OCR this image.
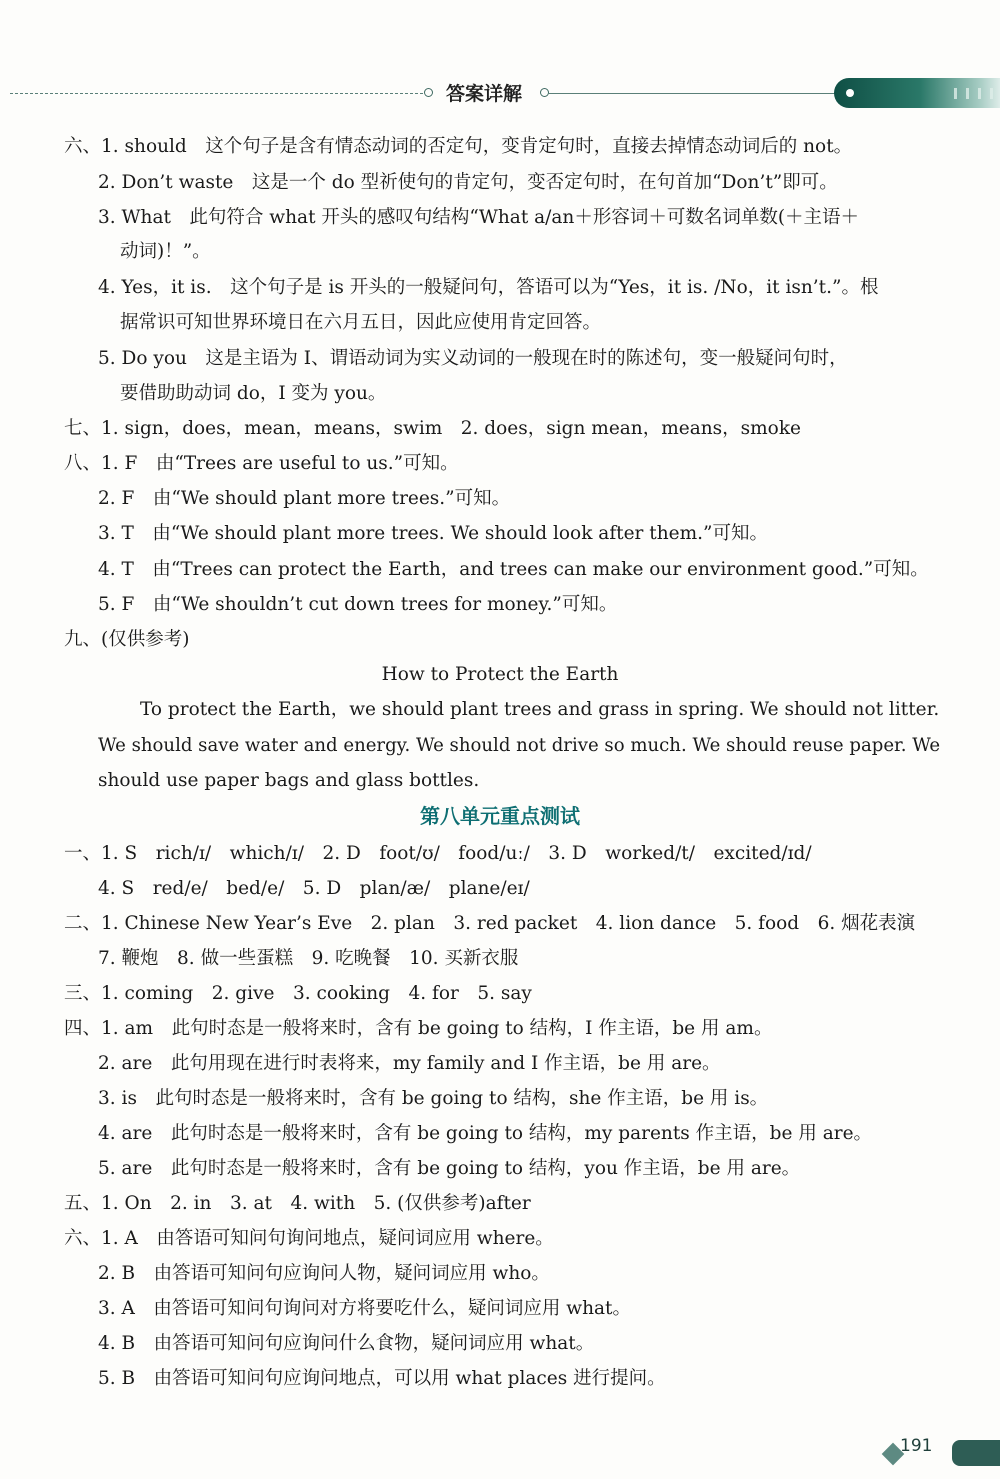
答案详解
六、1. should　这个句子是含有情态动词的否定句，变肯定句时，直接去掉情态动词后的 not。
2. Don’t waste　这是一个 do 型祈使句的肯定句，变否定句时，在句首加“Don’t”即可。
3. What　此句符合 what 开头的感叹句结构“What a/an＋形容词＋可数名词单数(＋主语＋
动词)！”。
4. Yes，it is.　这个句子是 is 开头的一般疑问句，答语可以为“Yes，it is. /No，it isn’t.”。根
据常识可知世界环境日在六月五日，因此应使用肯定回答。
5. Do you　这是主语为 I、谓语动词为实义动词的一般现在时的陈述句，变一般疑问句时，
要借助助动词 do，I 变为 you。
七、1. sign，does，mean，means，swim　2. does，sign mean，means，smoke
八、1. F　由“Trees are useful to us.”可知。
2. F　由“We should plant more trees.”可知。
3. T　由“We should plant more trees. We should look after them.”可知。
4. T　由“Trees can protect the Earth，and trees can make our environment good.”可知。
5. F　由“We shouldn’t cut down trees for money.”可知。
九、(仅供参考)
To protect the Earth，we should plant trees and grass in spring. We should not litter.
We should save water and energy. We should not drive so much. We should reuse paper. We
should use paper bags and glass bottles.
一、1. S　rich/ɪ/　which/ɪ/　2. D　foot/ʊ/　food/uː/　3. D　worked/t/　excited/ɪd/
4. S　red/e/　bed/e/　5. D　plan/æ/　plane/eɪ/
二、1. Chinese New Year’s Eve　2. plan　3. red packet　4. lion dance　5. food　6. 烟花表演
7. 鞭炮　8. 做一些蛋糕　9. 吃晚餐　10. 买新衣服
三、1. coming　2. give　3. cooking　4. for　5. say
四、1. am　此句时态是一般将来时，含有 be going to 结构，I 作主语，be 用 am。
2. are　此句用现在进行时表将来，my family and I 作主语，be 用 are。
3. is　此句时态是一般将来时，含有 be going to 结构，she 作主语，be 用 is。
4. are　此句时态是一般将来时，含有 be going to 结构，my parents 作主语，be 用 are。
5. are　此句时态是一般将来时，含有 be going to 结构，you 作主语，be 用 are。
五、1. On　2. in　3. at　4. with　5. (仅供参考)after
六、1. A　由答语可知问句询问地点，疑问词应用 where。
2. B　由答语可知问句应询问人物，疑问词应用 who。
3. A　由答语可知问句询问对方将要吃什么，疑问词应用 what。
4. B　由答语可知问句应询问什么食物，疑问词应用 what。
5. B　由答语可知问句应询问地点，可以用 what places 进行提问。
How to Protect the Earth
第八单元重点测试
191
